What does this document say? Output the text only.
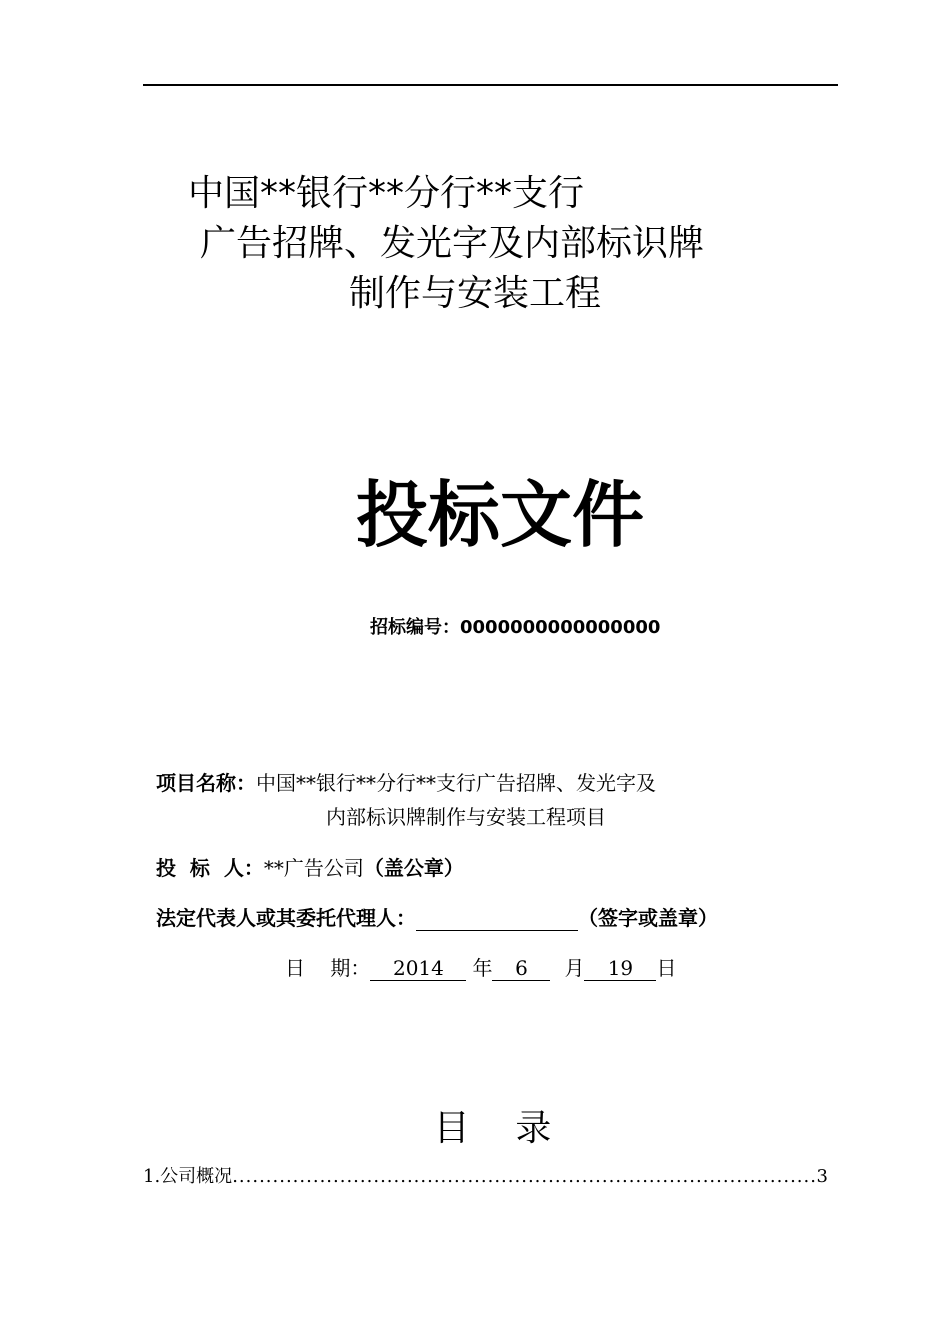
中国**银行**分行**支行
广告招牌、发光字及内部标识牌
制作与安装工程
投标文件
招标编号：0000000000000000
项目名称：中国**银行**分行**支行广告招牌、发光字及
内部标识牌制作与安装工程项目
投  标  人：**广告公司（盖公章）
法定代表人或其委托代理人：	（签字或盖章）
日    期： 2014 年 6 月 19 日
目    录
1.公司概况
.....	3
